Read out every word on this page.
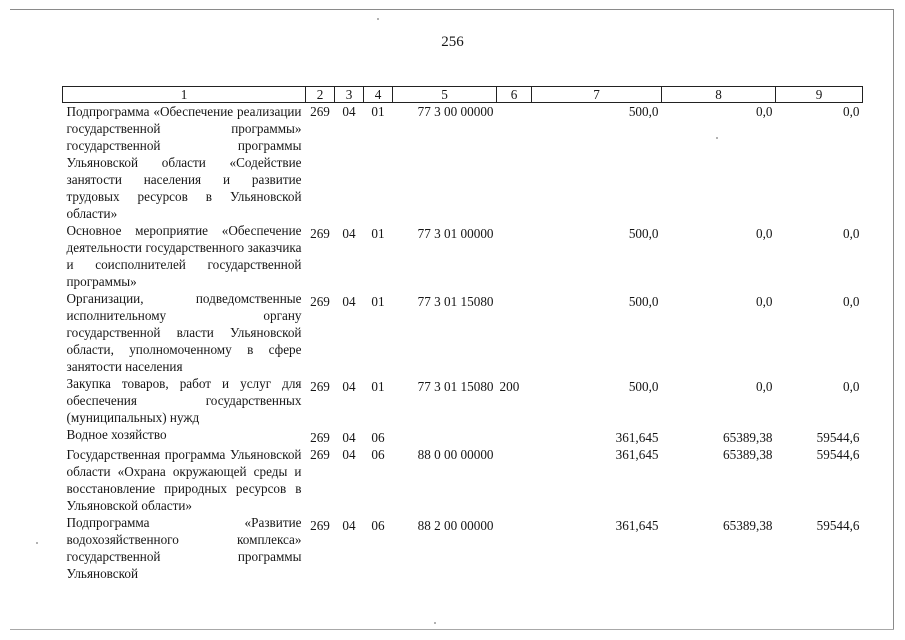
256
1	2	3	4	5	6	7	8	9
Подпрограмма «Обеспечение реализации государственной программы» государственной программы Ульяновской области «Содействие занятости населения и развитие трудовых ресурсов в Ульяновской области»	269	04	01	77 3 00 00000		500,0	0,0	0,0
Основное мероприятие «Обеспечение деятельности государственного заказчика и соисполнителей государственной программы»	269	04	01	77 3 01 00000		500,0	0,0	0,0
Организации, подведомственные исполнительному органу государственной власти Ульяновской области, уполномоченному в сфере занятости населения	269	04	01	77 3 01 15080		500,0	0,0	0,0
Закупка товаров, работ и услуг для обеспечения государственных (муниципальных) нужд	269	04	01	77 3 01 15080	200	500,0	0,0	0,0
Водное хозяйство	269	04	06			361,645	65389,38	59544,6
Государственная программа Ульяновской области «Охрана окружающей среды и восстановление природных ресурсов в Ульяновской области»	269	04	06	88 0 00 00000		361,645	65389,38	59544,6
Подпрограмма «Развитие водохозяйственного комплекса» государственной программы Ульяновской	269	04	06	88 2 00 00000		361,645	65389,38	59544,6
